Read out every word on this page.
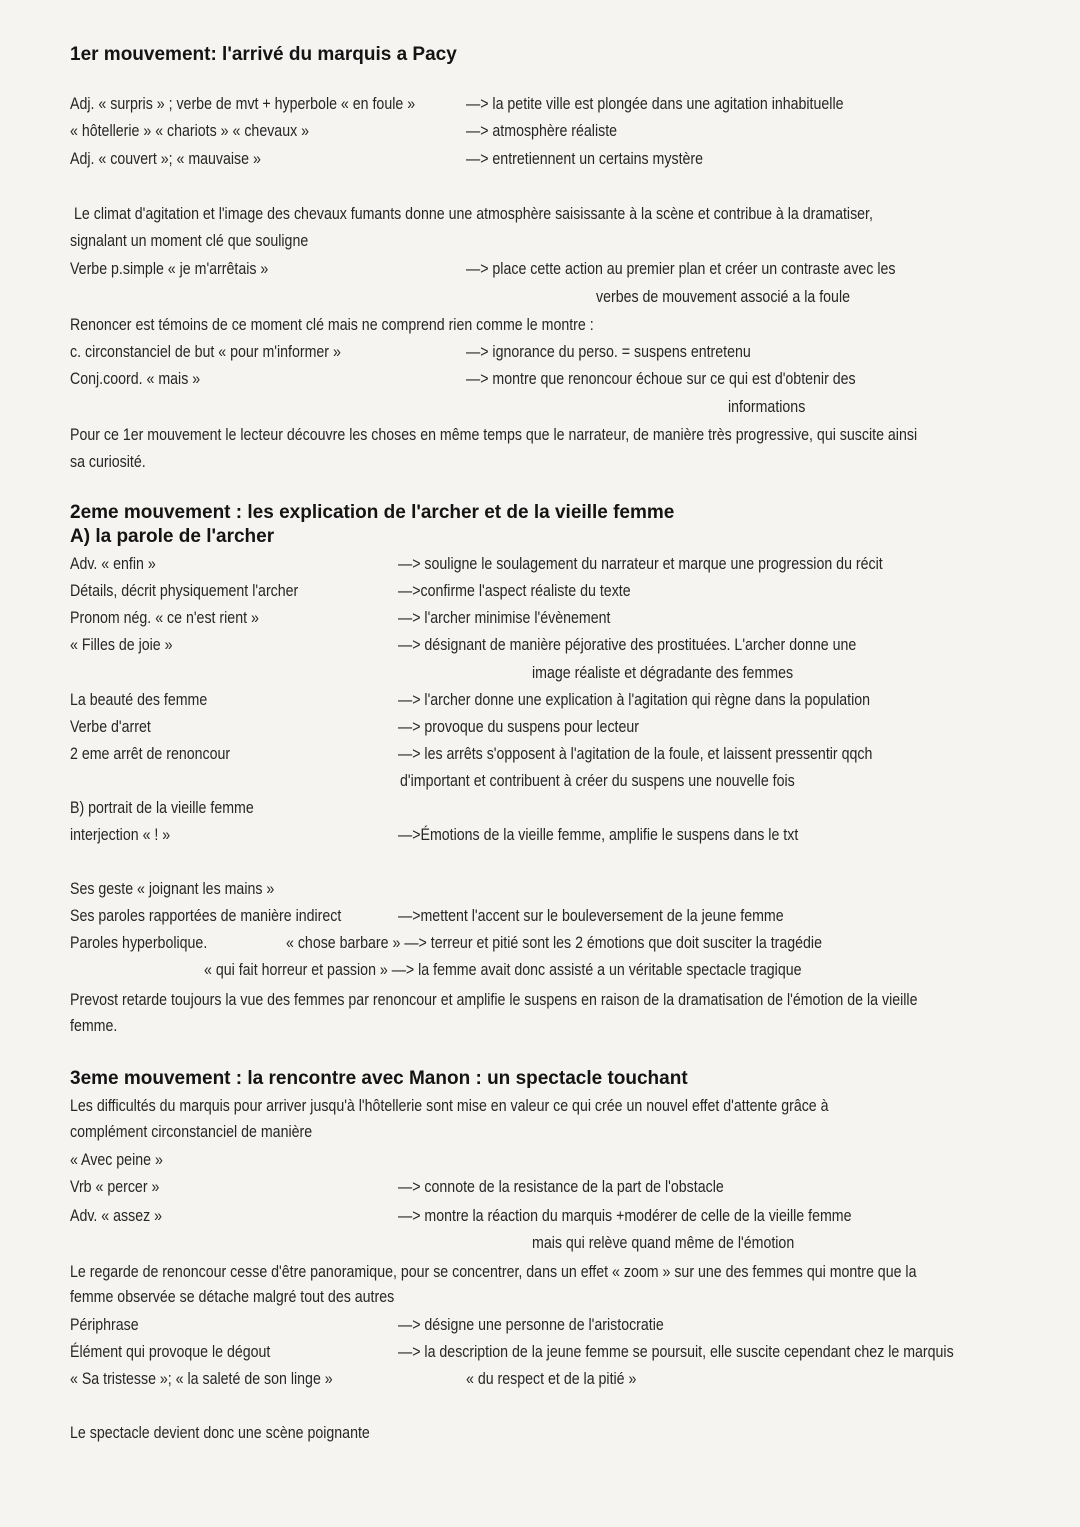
1er mouvement: l'arrivé du marquis a Pacy

Adj. « surpris » ; verbe de mvt + hyperbole « en foule »	—> la petite ville est plongée dans une agitation inhabituelle

« hôtellerie » « chariots » « chevaux »	—> atmosphère réaliste

Adj. « couvert »; « mauvaise »	—> entretiennent un certains mystère

Le climat d'agitation et l'image des chevaux fumants donne une atmosphère saisissante à la scène et contribue à la dramatiser,

signalant un moment clé que souligne

Verbe p.simple « je m'arrêtais »	—> place cette action au premier plan et créer un contraste avec les

verbes de mouvement associé a la foule

Renoncer est témoins de ce moment clé mais ne comprend rien comme le montre :

c. circonstanciel de but « pour m'informer »	—> ignorance du perso. = suspens entretenu

Conj.coord. « mais »	—> montre que renoncour échoue sur ce qui est d'obtenir des

informations

Pour ce 1er mouvement le lecteur découvre les choses en même temps que le narrateur, de manière très progressive, qui suscite ainsi

sa curiosité.

2eme mouvement : les explication de l'archer et de la vieille femme
A) la parole de l'archer

Adv. « enfin »	—> souligne le soulagement du narrateur et marque une progression du récit

Détails, décrit physiquement l'archer	—>confirme l'aspect réaliste du texte

Pronom nég. « ce n'est rient »	—> l'archer minimise l'évènement

« Filles de joie »	—> désignant de manière péjorative des prostituées. L'archer donne une

image réaliste et dégradante des femmes

La beauté des femme	—> l'archer donne une explication à l'agitation qui règne dans la population

Verbe d'arret	—> provoque du suspens pour lecteur

2 eme arrêt de renoncour	—> les arrêts s'opposent à l'agitation de la foule, et laissent pressentir qqch

d'important et contribuent à créer du suspens une nouvelle fois

B) portrait de la vieille femme

interjection « ! »	—>Émotions de la vieille femme, amplifie le suspens dans le txt

Ses geste « joignant les mains »

Ses paroles rapportées de manière indirect	—>mettent l'accent sur le bouleversement de la jeune femme

Paroles hyperbolique.	« chose barbare » —> terreur et pitié sont les 2 émotions que doit susciter la tragédie

« qui fait horreur et passion » —> la femme avait donc assisté a un véritable spectacle tragique

Prevost retarde toujours la vue des femmes par renoncour et amplifie le suspens en raison de la dramatisation de l'émotion de la vieille

femme.

3eme mouvement : la rencontre avec Manon : un spectacle touchant

Les difficultés du marquis pour arriver jusqu'à l'hôtellerie sont mise en valeur ce qui crée un nouvel effet d'attente grâce à

complément circonstanciel de manière

« Avec peine »

Vrb « percer »	—> connote de la resistance de la part de l'obstacle

Adv. « assez »	—> montre la réaction du marquis +modérer de celle de la vieille femme

mais qui relève quand même de l'émotion

Le regarde de renoncour cesse d'être panoramique, pour se concentrer, dans un effet « zoom » sur une des femmes qui montre que la

femme observée se détache malgré tout des autres

Périphrase	—> désigne une personne de l'aristocratie

Élément qui provoque le dégout	—> la description de la jeune femme se poursuit, elle suscite cependant chez le marquis

« Sa tristesse »; « la saleté de son linge »	« du respect et de la pitié »

Le spectacle devient donc une scène poignante
